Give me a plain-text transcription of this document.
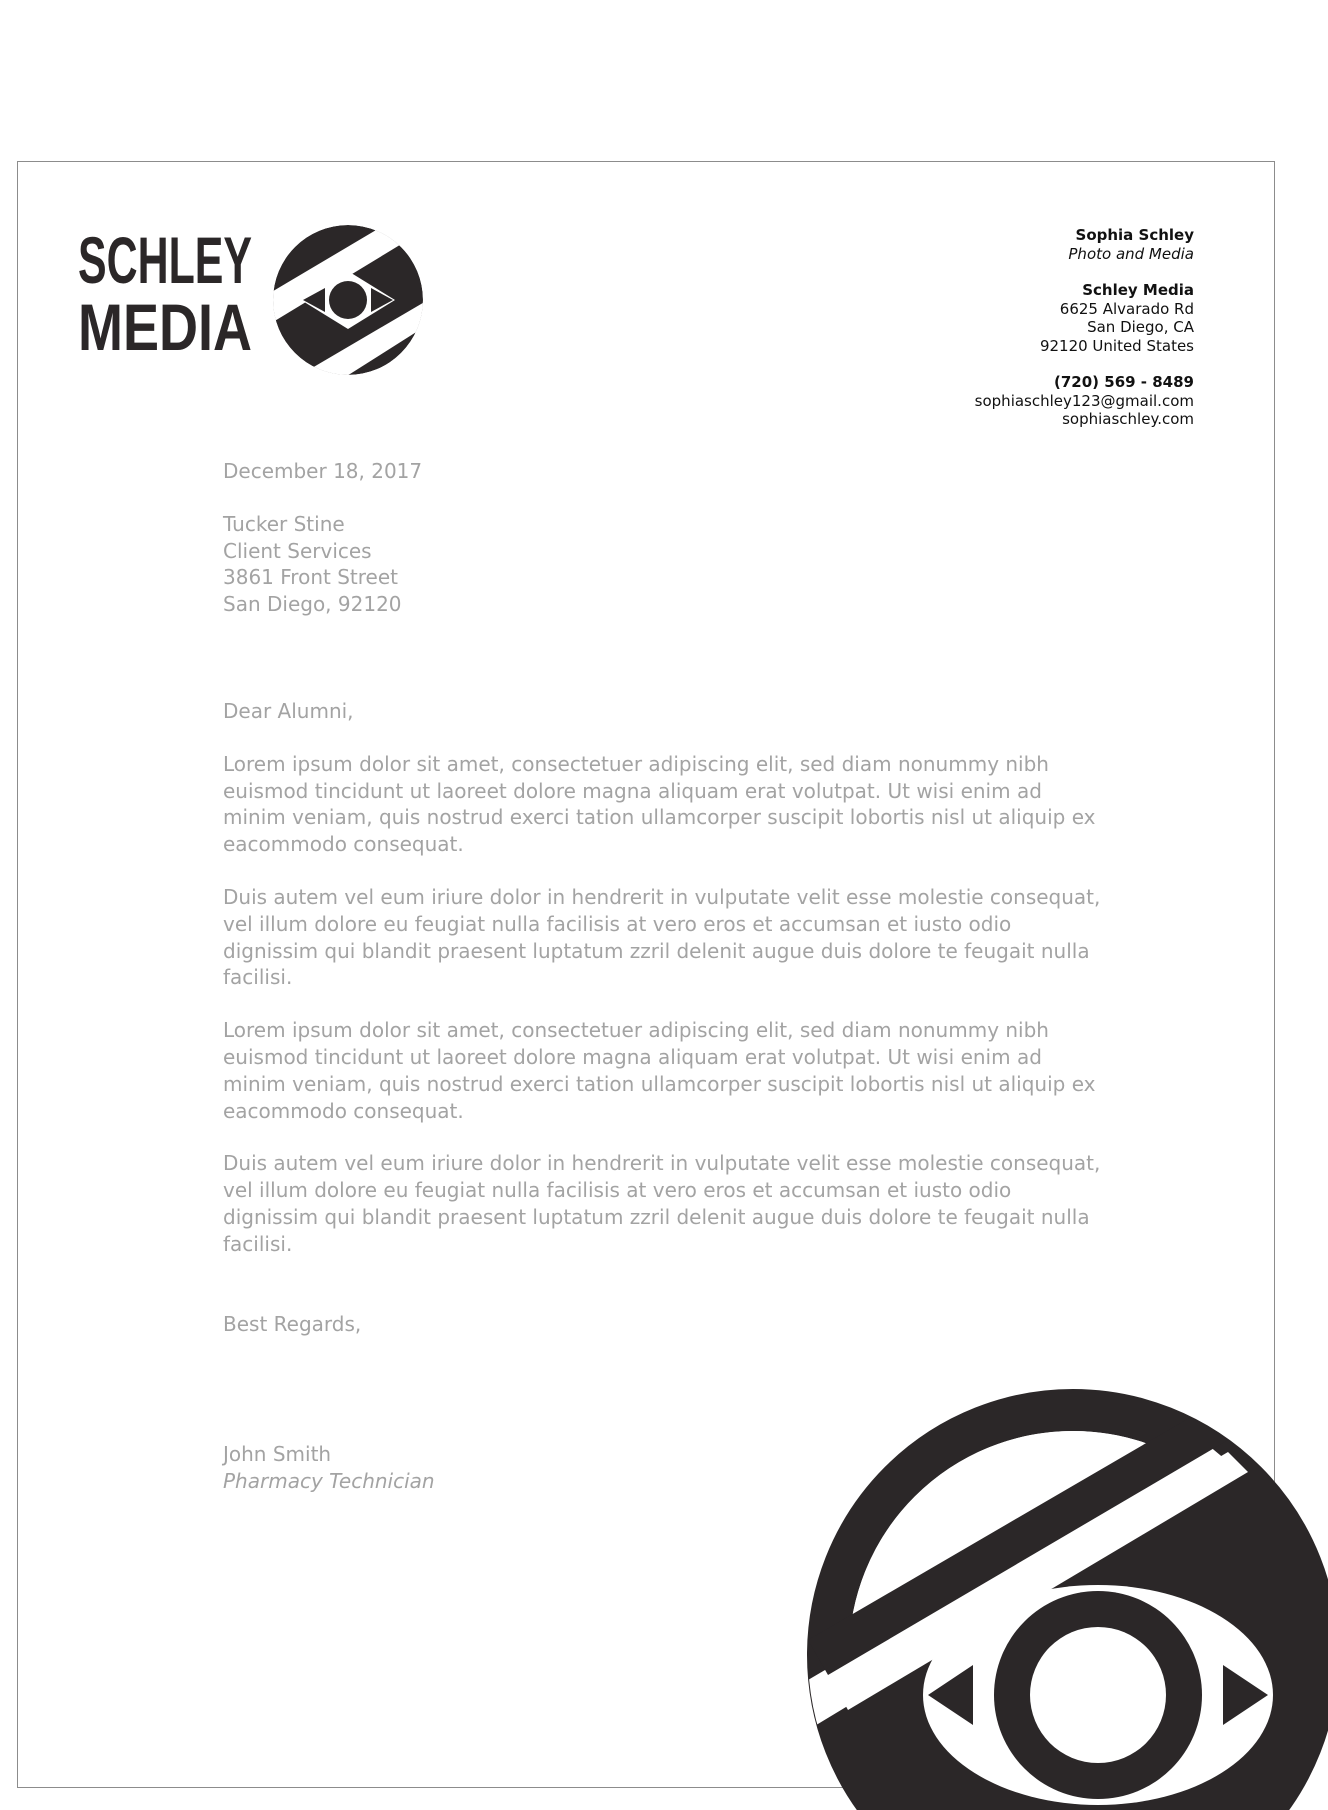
SCHLEY
MEDIA
Sophia Schley
Photo and Media
Schley Media
6625 Alvarado Rd
San Diego, CA
92120 United States
(720) 569 - 8489
sophiaschley123@gmail.com
sophiaschley.com
December 18, 2017
Tucker Stine
Client Services
3861 Front Street
San Diego, 92120
Dear Alumni,
Lorem ipsum dolor sit amet, consectetuer adipiscing elit, sed diam nonummy nibh euismod tincidunt ut laoreet dolore magna aliquam erat volutpat. Ut wisi enim ad minim veniam, quis nostrud exerci tation ullamcorper suscipit lobortis nisl ut aliquip ex eacommodo consequat.
Duis autem vel eum iriure dolor in hendrerit in vulputate velit esse molestie consequat, vel illum dolore eu feugiat nulla facilisis at vero eros et accumsan et iusto odio dignissim qui blandit praesent luptatum zzril delenit augue duis dolore te feugait nulla facilisi.
Lorem ipsum dolor sit amet, consectetuer adipiscing elit, sed diam nonummy nibh euismod tincidunt ut laoreet dolore magna aliquam erat volutpat. Ut wisi enim ad minim veniam, quis nostrud exerci tation ullamcorper suscipit lobortis nisl ut aliquip ex eacommodo consequat.
Duis autem vel eum iriure dolor in hendrerit in vulputate velit esse molestie consequat, vel illum dolore eu feugiat nulla facilisis at vero eros et accumsan et iusto odio dignissim qui blandit praesent luptatum zzril delenit augue duis dolore te feugait nulla facilisi.
Best Regards,
John Smith
Pharmacy Technician
